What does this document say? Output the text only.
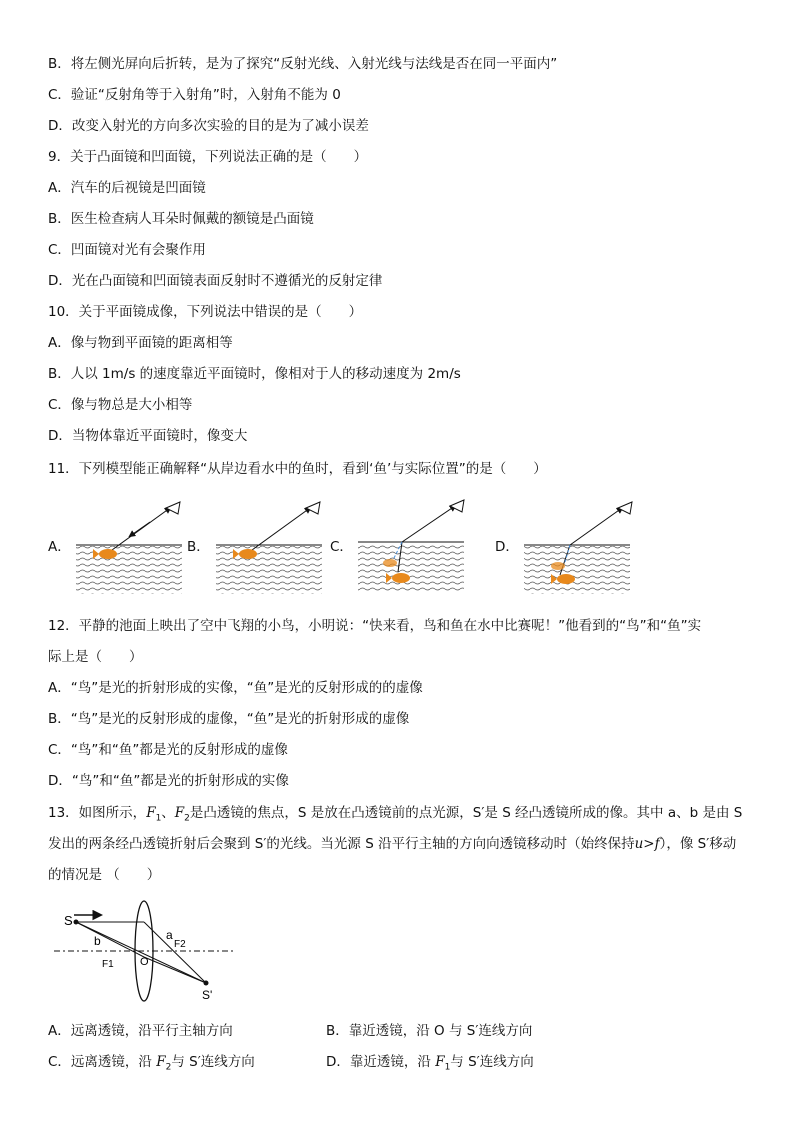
B．将左侧光屏向后折转，是为了探究“反射光线、入射光线与法线是否在同一平面内”
C．验证“反射角等于入射角”时，入射角不能为 0
D．改变入射光的方向多次实验的目的是为了减小误差
9．关于凸面镜和凹面镜，下列说法正确的是（　　）
A．汽车的后视镜是凹面镜
B．医生检查病人耳朵时佩戴的额镜是凸面镜
C．凹面镜对光有会聚作用
D．光在凸面镜和凹面镜表面反射时不遵循光的反射定律
10．关于平面镜成像，下列说法中错误的是（　　）
A．像与物到平面镜的距离相等
B．人以 1m/s 的速度靠近平面镜时，像相对于人的移动速度为 2m/s
C．像与物总是大小相等
D．当物体靠近平面镜时，像变大
11．下列模型能正确解释“从岸边看水中的鱼时，看到‘鱼’与实际位置”的是（　　）
A．	B．	C．	D．
12．平静的池面上映出了空中飞翔的小鸟，小明说：“快来看，鸟和鱼在水中比赛呢！”他看到的“鸟”和“鱼”实
际上是（　　）
A．“鸟”是光的折射形成的实像，“鱼”是光的反射形成的的虚像
B．“鸟”是光的反射形成的虚像，“鱼”是光的折射形成的虚像
C．“鸟”和“鱼”都是光的反射形成的虚像
D．“鸟”和“鱼”都是光的折射形成的实像
13．如图所示，$F_1$、$F_2$是凸透镜的焦点，S 是放在凸透镜前的点光源，S′是 S 经凸透镜所成的像。其中 a、b 是由 S
发出的两条经凸透镜折射后会聚到 S′的光线。当光源 S 沿平行主轴的方向向透镜移动时（始终保持u>f），像 S′移动
的情况是 （　　）
S
b	a
F2
F1 O
S'
A．远离透镜，沿平行主轴方向	B．靠近透镜，沿 O 与 S′连线方向
C．远离透镜，沿 $F_2$与 S′连线方向	D．靠近透镜，沿 $F_1$与 S′连线方向
